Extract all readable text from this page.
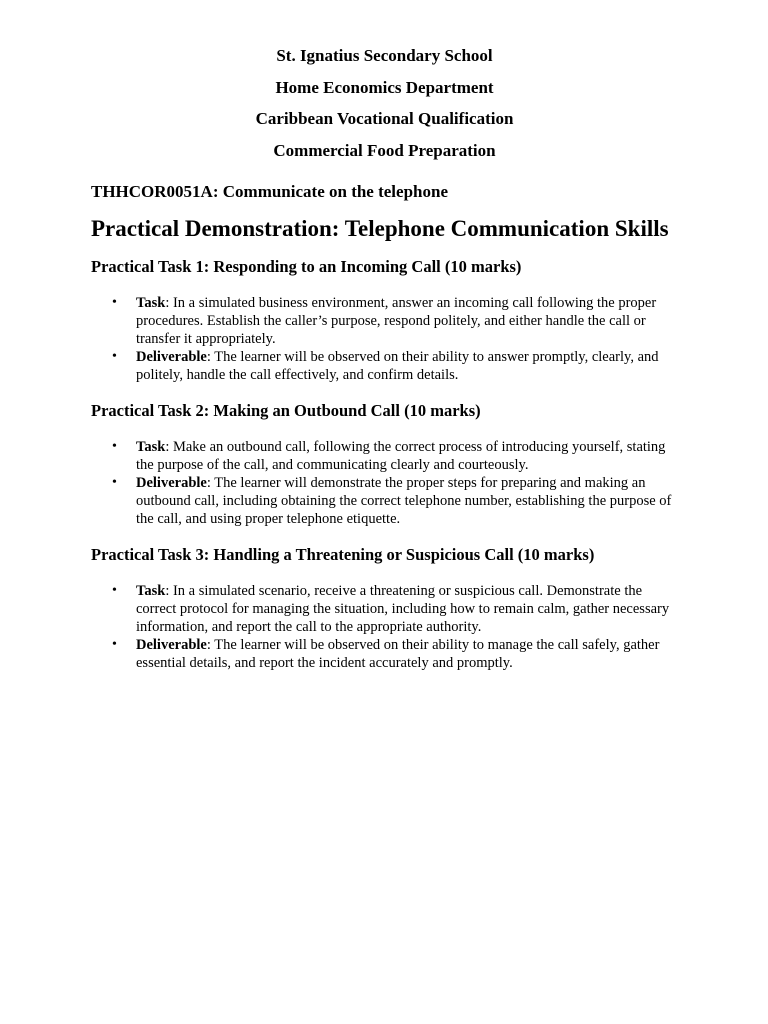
St. Ignatius Secondary School

Home Economics Department

Caribbean Vocational Qualification

Commercial Food Preparation

THHCOR0051A: Communicate on the telephone

Practical Demonstration: Telephone Communication Skills
Practical Task 1: Responding to an Incoming Call (10 marks)
• Task: In a simulated business environment, answer an incoming call following the proper procedures. Establish the caller’s purpose, respond politely, and either handle the call or transfer it appropriately.
• Deliverable: The learner will be observed on their ability to answer promptly, clearly, and politely, handle the call effectively, and confirm details.
Practical Task 2: Making an Outbound Call (10 marks)
• Task: Make an outbound call, following the correct process of introducing yourself, stating the purpose of the call, and communicating clearly and courteously.
• Deliverable: The learner will demonstrate the proper steps for preparing and making an outbound call, including obtaining the correct telephone number, establishing the purpose of the call, and using proper telephone etiquette.
Practical Task 3: Handling a Threatening or Suspicious Call (10 marks)
• Task: In a simulated scenario, receive a threatening or suspicious call. Demonstrate the correct protocol for managing the situation, including how to remain calm, gather necessary information, and report the call to the appropriate authority.
• Deliverable: The learner will be observed on their ability to manage the call safely, gather essential details, and report the incident accurately and promptly.
